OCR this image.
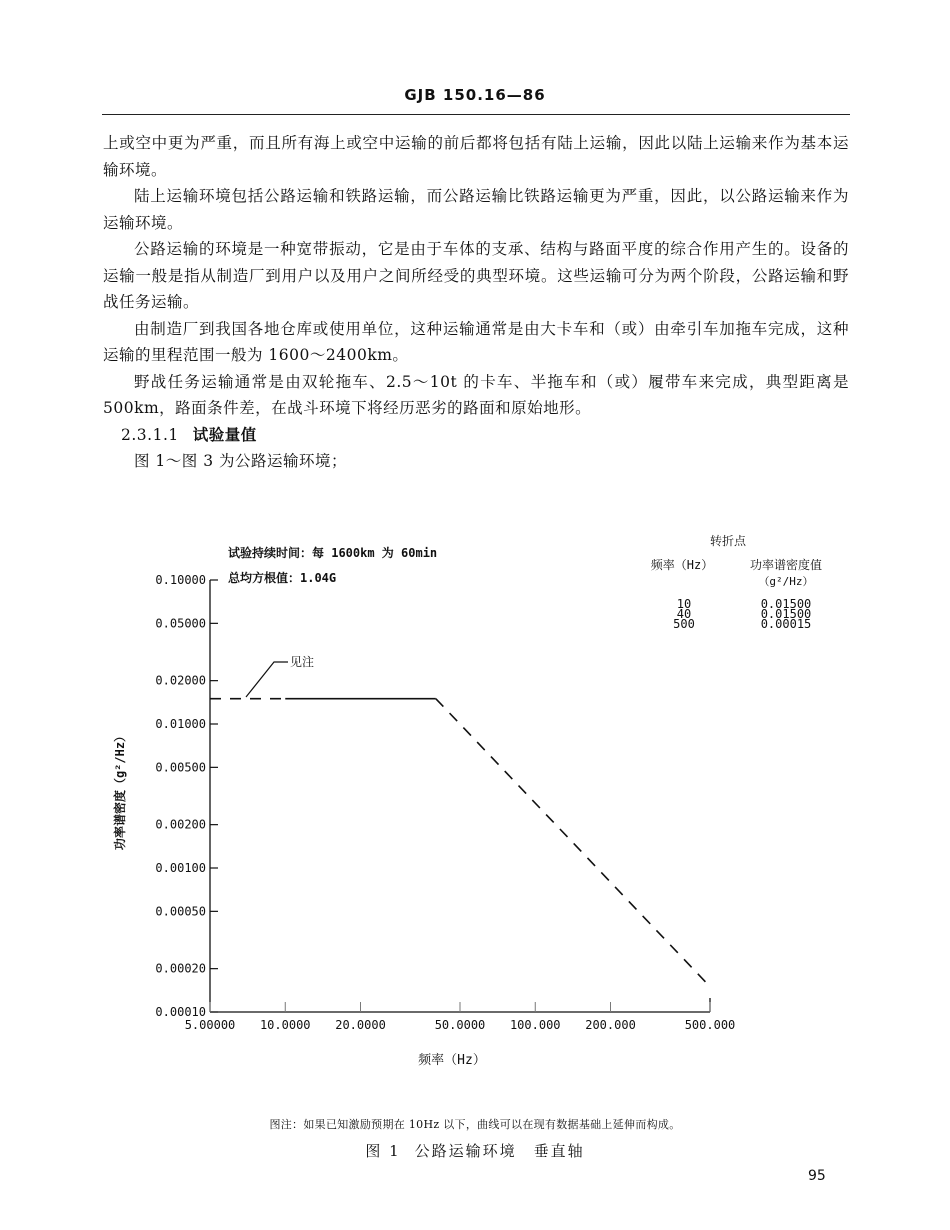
GJB 150.16—86

上或空中更为严重，而且所有海上或空中运输的前后都将包括有陆上运输，因此以陆上运输来作为基本运输环境。

陆上运输环境包括公路运输和铁路运输，而公路运输比铁路运输更为严重，因此，以公路运输来作为运输环境。

公路运输的环境是一种宽带振动，它是由于车体的支承、结构与路面平度的综合作用产生的。设备的运输一般是指从制造厂到用户以及用户之间所经受的典型环境。这些运输可分为两个阶段，公路运输和野战任务运输。

由制造厂到我国各地仓库或使用单位，这种运输通常是由大卡车和（或）由牵引车加拖车完成，这种运输的里程范围一般为 1600～2400km。

野战任务运输通常是由双轮拖车、2.5～10t 的卡车、半拖车和（或）履带车来完成，典型距离是 500km，路面条件差，在战斗环境下将经历恶劣的路面和原始地形。

2.3.1.1 试验量值

图 1～图 3 为公路运输环境；

0.10000
0.05000
0.02000
0.01000
0.00500
0.00200
0.00100
0.00050
0.00020
0.00010
5.00000 10.0000 20.0000	50.0000 100.000 200.000	500.000
功率谱密度（g²/Hz）
频率（Hz）
试验持续时间：每 1600km 为 60min
总均方根值：1.04G
见注
转折点
频率（Hz）	功率谱密度值
（g²/Hz）
10	0.01500
40	0.01500
500	0.00015
图注：如果已知激励预期在 10Hz 以下，曲线可以在现有数据基础上延伸而构成。
图 1 公路运输环境　垂直轴
95
